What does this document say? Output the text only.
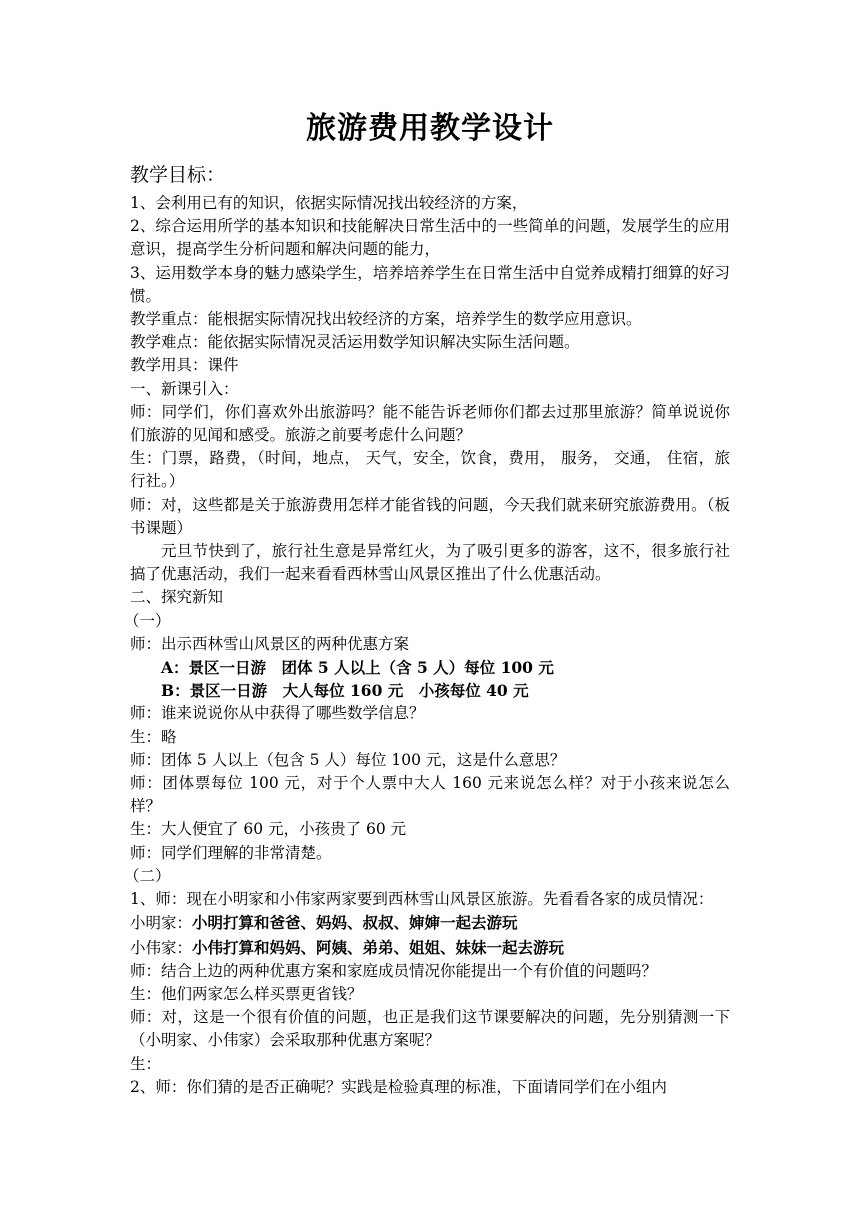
旅游费用教学设计
教学目标：

1、会利用已有的知识，依据实际情况找出较经济的方案，

2、综合运用所学的基本知识和技能解决日常生活中的一些简单的问题，发展学生的应用意识，提高学生分析问题和解决问题的能力，

3、运用数学本身的魅力感染学生，培养培养学生在日常生活中自觉养成精打细算的好习惯。

教学重点：能根据实际情况找出较经济的方案，培养学生的数学应用意识。

教学难点：能依据实际情况灵活运用数学知识解决实际生活问题。

教学用具：课件

一、新课引入：

师：同学们，你们喜欢外出旅游吗？能不能告诉老师你们都去过那里旅游？简单说说你们旅游的见闻和感受。旅游之前要考虑什么问题？

生：门票，路费，（时间，地点， 天气，安全，饮食，费用， 服务， 交通， 住宿，旅行社。）

师：对，这些都是关于旅游费用怎样才能省钱的问题，今天我们就来研究旅游费用。（板书课题）

元旦节快到了，旅行社生意是异常红火，为了吸引更多的游客，这不，很多旅行社搞了优惠活动，我们一起来看看西林雪山风景区推出了什么优惠活动。

二、探究新知

（一）

师：出示西林雪山风景区的两种优惠方案

A：景区一日游　团体 5 人以上（含 5 人）每位 100 元

B：景区一日游　大人每位 160 元　小孩每位 40 元

师：谁来说说你从中获得了哪些数学信息？

生：略

师：团体 5 人以上（包含 5 人）每位 100 元，这是什么意思？

师：团体票每位 100 元，对于个人票中大人 160 元来说怎么样？对于小孩来说怎么样？

生：大人便宜了 60 元，小孩贵了 60 元

师：同学们理解的非常清楚。

（二）

1、师：现在小明家和小伟家两家要到西林雪山风景区旅游。先看看各家的成员情况：

小明家：小明打算和爸爸、妈妈、叔叔、婶婶一起去游玩

小伟家：小伟打算和妈妈、阿姨、弟弟、姐姐、妹妹一起去游玩

师：结合上边的两种优惠方案和家庭成员情况你能提出一个有价值的问题吗？

生：他们两家怎么样买票更省钱？

师：对，这是一个很有价值的问题，也正是我们这节课要解决的问题，先分别猜测一下（小明家、小伟家）会采取那种优惠方案呢？

生：

2、师：你们猜的是否正确呢？实践是检验真理的标准，下面请同学们在小组内
